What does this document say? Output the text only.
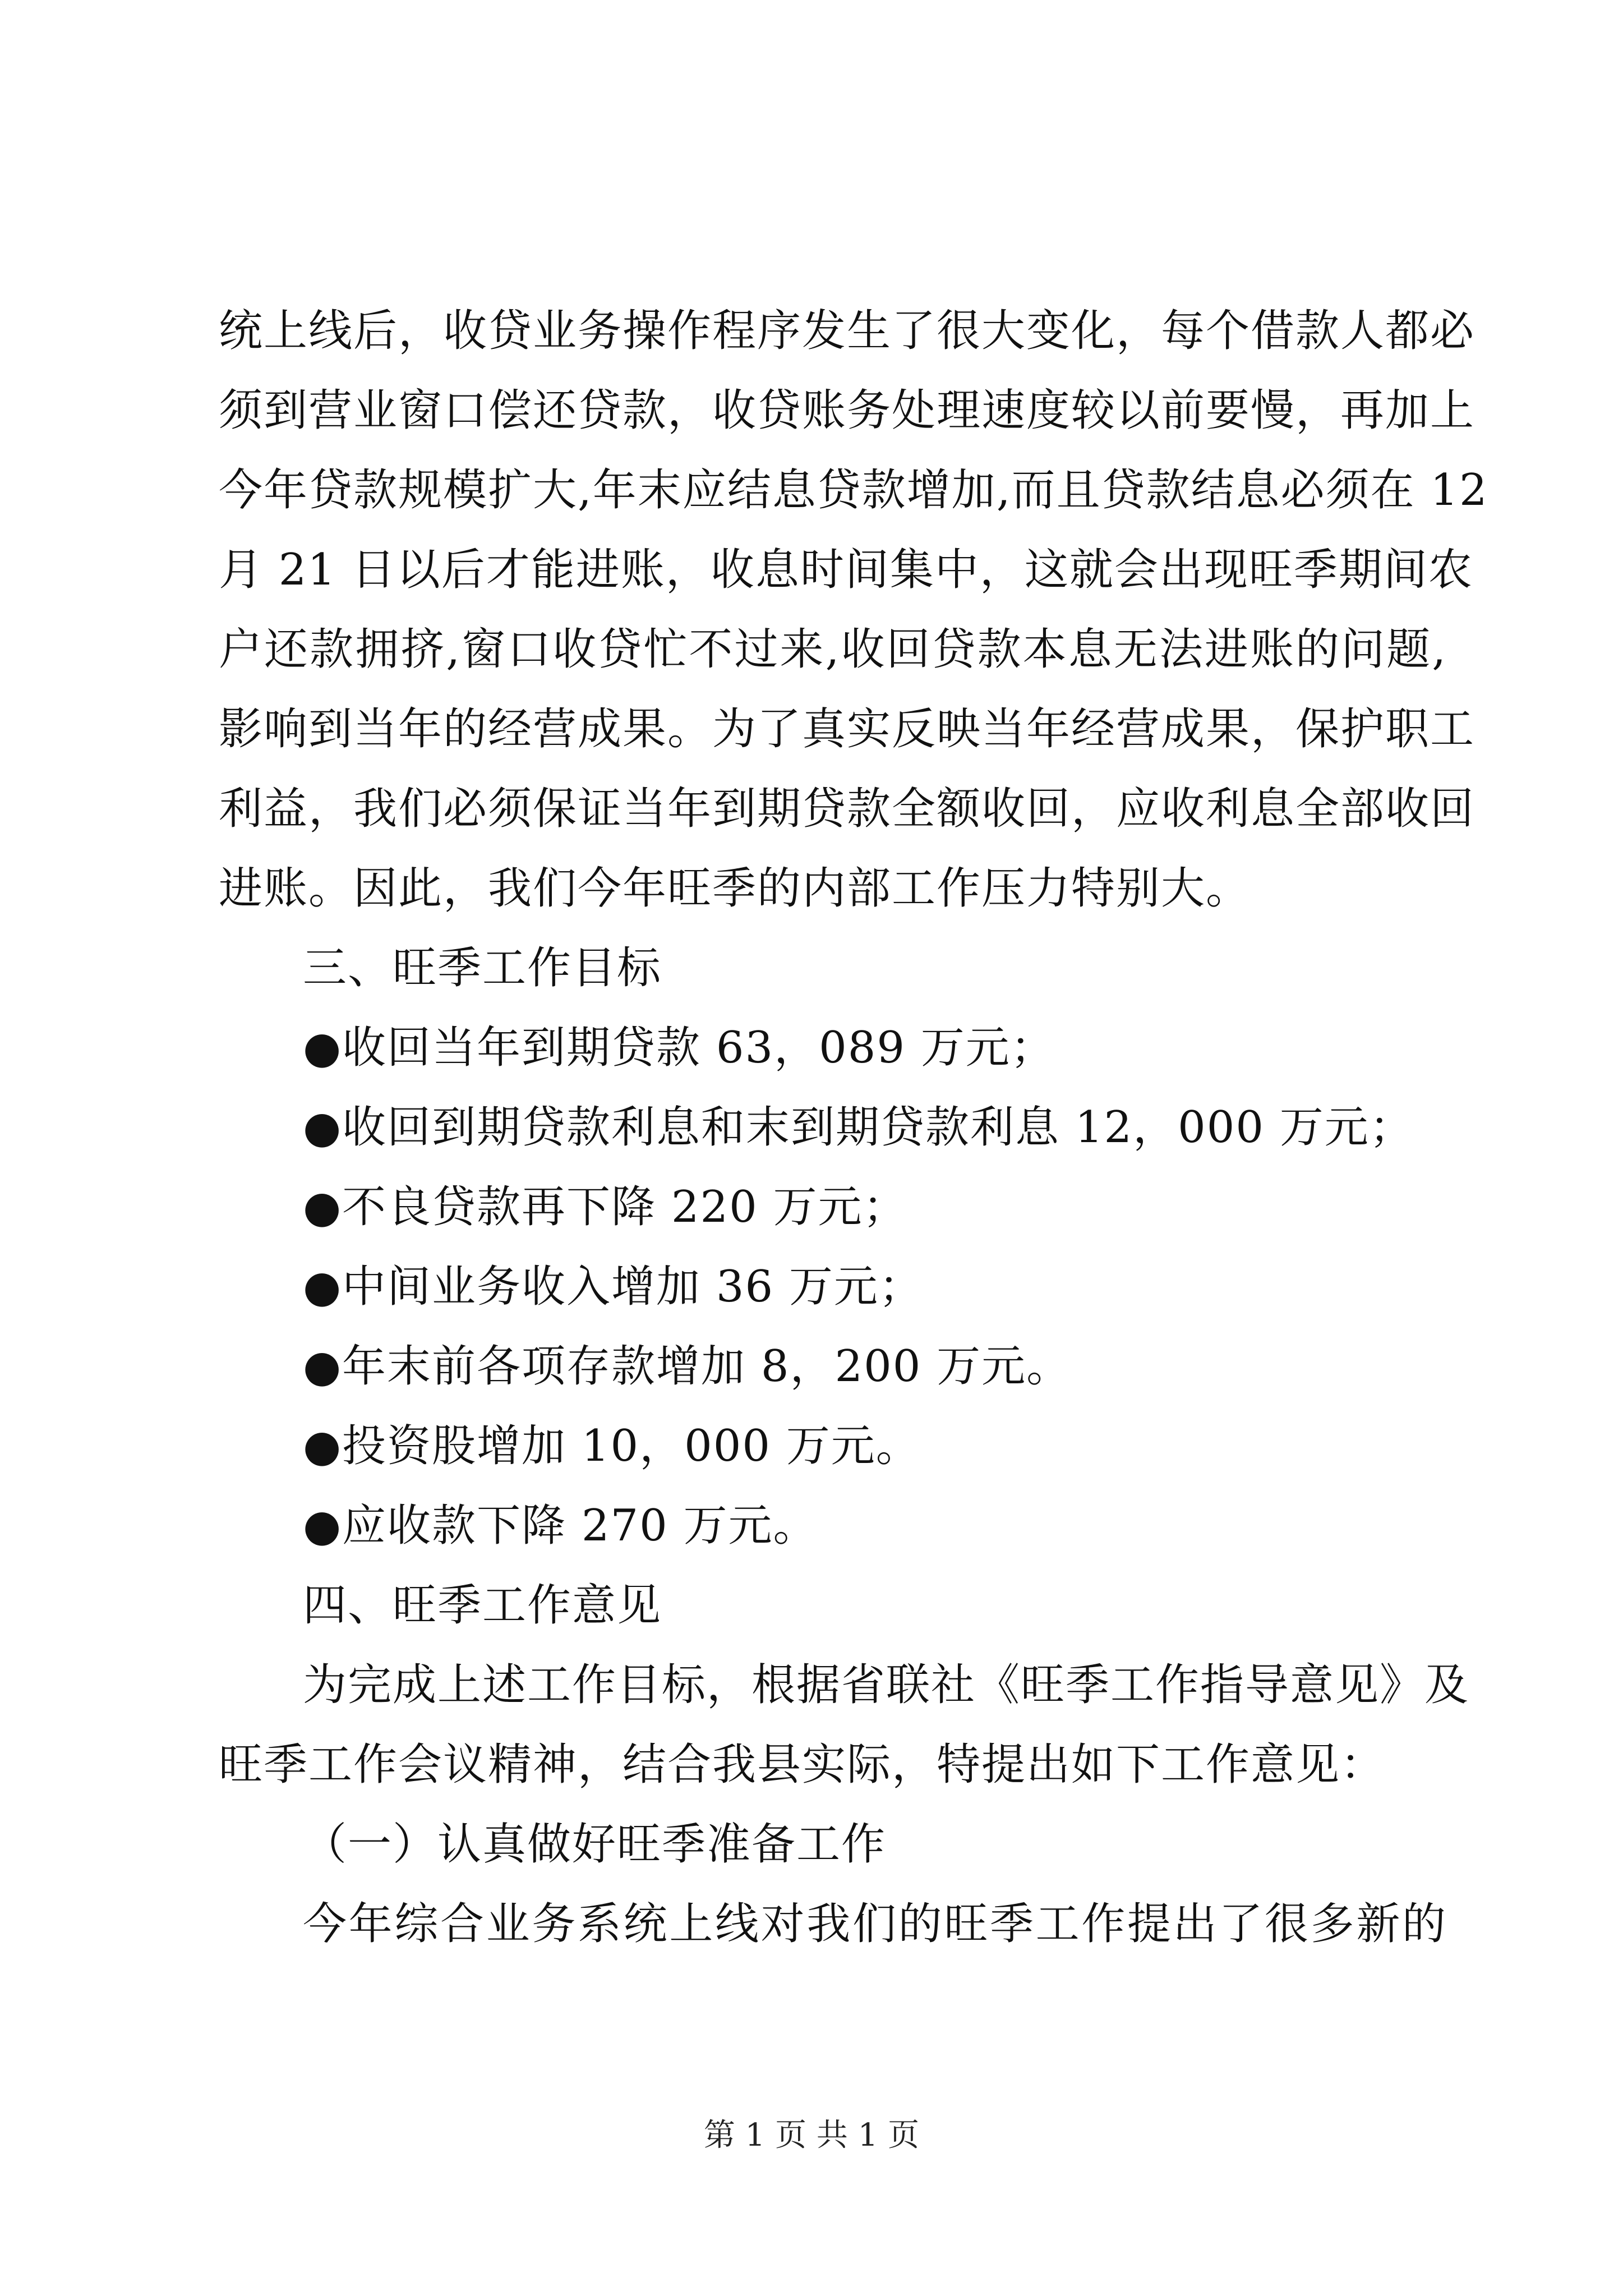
统上线后，收贷业务操作程序发生了很大变化，每个借款人都必
须到营业窗口偿还贷款，收贷账务处理速度较以前要慢，再加上
今年贷款规模扩大,年末应结息贷款增加,而且贷款结息必须在 12
月 21 日以后才能进账，收息时间集中，这就会出现旺季期间农
户还款拥挤,窗口收贷忙不过来,收回贷款本息无法进账的问题,
影响到当年的经营成果。为了真实反映当年经营成果，保护职工
利益，我们必须保证当年到期贷款全额收回，应收利息全部收回
进账。因此，我们今年旺季的内部工作压力特别大。
三、旺季工作目标
●收回当年到期贷款 63，089 万元；
●收回到期贷款利息和末到期贷款利息 12，000 万元；
●不良贷款再下降 220 万元；
●中间业务收入增加 36 万元；
●年末前各项存款增加 8，200 万元。
●投资股增加 10，000 万元。
●应收款下降 270 万元。
四、旺季工作意见
为完成上述工作目标，根据省联社《旺季工作指导意见》及
旺季工作会议精神，结合我县实际，特提出如下工作意见：
（一）认真做好旺季准备工作
今年综合业务系统上线对我们的旺季工作提出了很多新的
第 1 页 共 1 页
